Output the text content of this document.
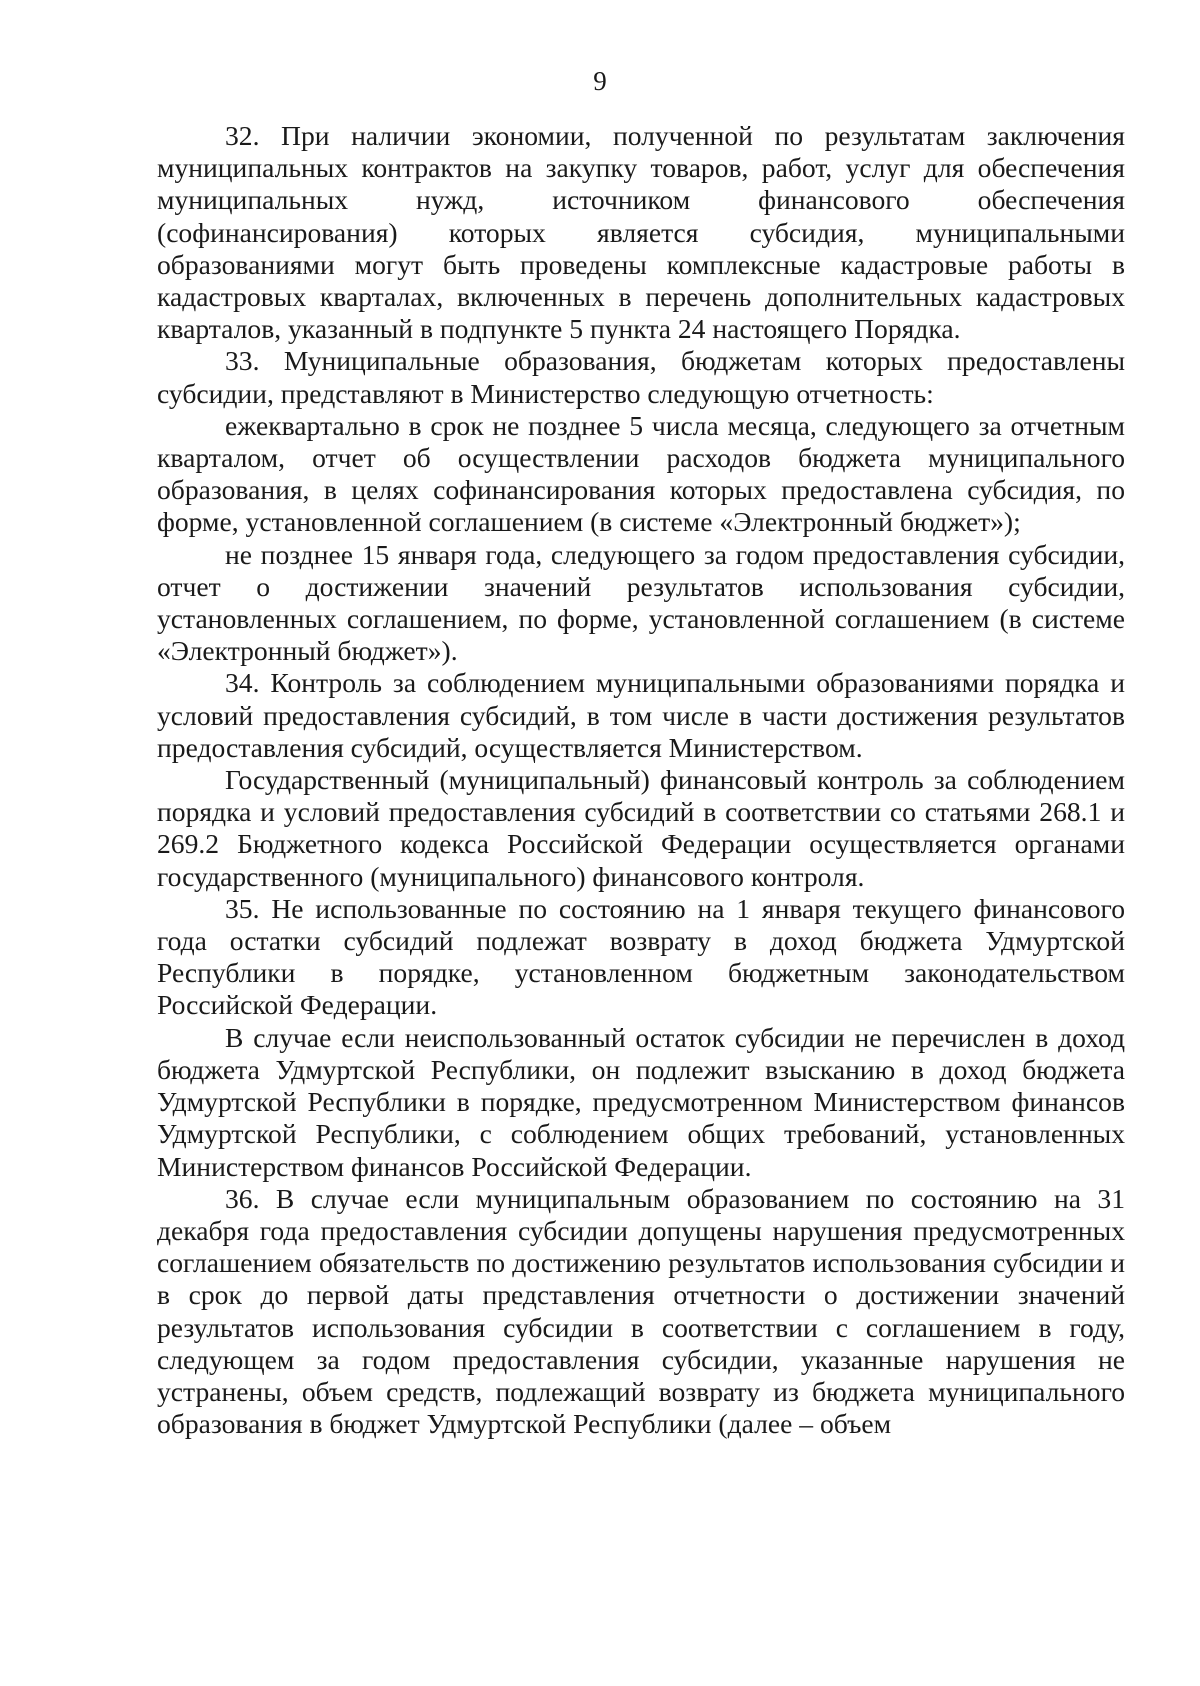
9

32. При наличии экономии, полученной по результатам заключения муниципальных контрактов на закупку товаров, работ, услуг для обеспечения муниципальных нужд, источником финансового обеспечения (софинансирования) которых является субсидия, муниципальными образованиями могут быть проведены комплексные кадастровые работы в кадастровых кварталах, включенных в перечень дополнительных кадастровых кварталов, указанный в подпункте 5 пункта 24 настоящего Порядка.

33. Муниципальные образования, бюджетам которых предоставлены субсидии, представляют в Министерство следующую отчетность:

ежеквартально в срок не позднее 5 числа месяца, следующего за отчетным кварталом, отчет об осуществлении расходов бюджета муниципального образования, в целях софинансирования которых предоставлена субсидия, по форме, установленной соглашением (в системе «Электронный бюджет»);

не позднее 15 января года, следующего за годом предоставления субсидии, отчет о достижении значений результатов использования субсидии, установленных соглашением, по форме, установленной соглашением (в системе «Электронный бюджет»).

34. Контроль за соблюдением муниципальными образованиями порядка и условий предоставления субсидий, в том числе в части достижения результатов предоставления субсидий, осуществляется Министерством.

Государственный (муниципальный) финансовый контроль за соблюдением порядка и условий предоставления субсидий в соответствии со статьями 268.1 и 269.2 Бюджетного кодекса Российской Федерации осуществляется органами государственного (муниципального) финансового контроля.

35. Не использованные по состоянию на 1 января текущего финансового года остатки субсидий подлежат возврату в доход бюджета Удмуртской Республики в порядке, установленном бюджетным законодательством Российской Федерации.

В случае если неиспользованный остаток субсидии не перечислен в доход бюджета Удмуртской Республики, он подлежит взысканию в доход бюджета Удмуртской Республики в порядке, предусмотренном Министерством финансов Удмуртской Республики, с соблюдением общих требований, установленных Министерством финансов Российской Федерации.

36. В случае если муниципальным образованием по состоянию на 31 декабря года предоставления субсидии допущены нарушения предусмотренных соглашением обязательств по достижению результатов использования субсидии и в срок до первой даты представления отчетности о достижении значений результатов использования субсидии в соответствии с соглашением в году, следующем за годом предоставления субсидии, указанные нарушения не устранены, объем средств, подлежащий возврату из бюджета муниципального образования в бюджет Удмуртской Республики (далее – объем
